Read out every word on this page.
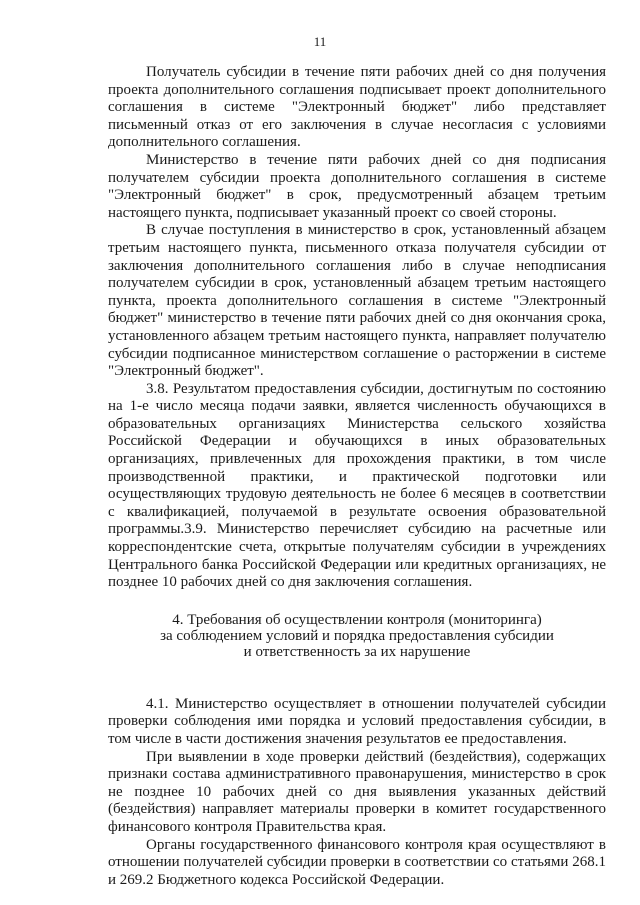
11

Получатель субсидии в течение пяти рабочих дней со дня получения проекта дополнительного соглашения подписывает проект дополнительного соглашения в системе "Электронный бюджет" либо представляет письменный отказ от его заключения в случае несогласия с условиями дополнительного соглашения.

Министерство в течение пяти рабочих дней со дня подписания получателем субсидии проекта дополнительного соглашения в системе "Электронный бюджет" в срок, предусмотренный абзацем третьим настоящего пункта, подписывает указанный проект со своей стороны.

В случае поступления в министерство в срок, установленный абзацем третьим настоящего пункта, письменного отказа получателя субсидии от заключения дополнительного соглашения либо в случае неподписания получателем субсидии в срок, установленный абзацем третьим настоящего пункта, проекта дополнительного соглашения в системе "Электронный бюджет" министерство в течение пяти рабочих дней со дня окончания срока, установленного абзацем третьим настоящего пункта, направляет получателю субсидии подписанное министерством соглашение о расторжении в системе "Электронный бюджет".

3.8. Результатом предоставления субсидии, достигнутым по состоянию на 1-е число месяца подачи заявки, является численность обучающихся в образовательных организациях Министерства сельского хозяйства Российской Федерации и обучающихся в иных образовательных организациях, привлеченных для прохождения практики, в том числе производственной практики, и практической подготовки или осуществляющих трудовую деятельность не более 6 месяцев в соответствии с квалификацией, получаемой в результате освоения образовательной программы.3.9. Министерство перечисляет субсидию на расчетные или корреспондентские счета, открытые получателям субсидии в учреждениях Центрального банка Российской Федерации или кредитных организациях, не позднее 10 рабочих дней со дня заключения соглашения.

4. Требования об осуществлении контроля (мониторинга)
за соблюдением условий и порядка предоставления субсидии
и ответственность за их нарушение

4.1. Министерство осуществляет в отношении получателей субсидии проверки соблюдения ими порядка и условий предоставления субсидии, в том числе в части достижения значения результатов ее предоставления.

При выявлении в ходе проверки действий (бездействия), содержащих признаки состава административного правонарушения, министерство в срок не позднее 10 рабочих дней со дня выявления указанных действий (бездействия) направляет материалы проверки в комитет государственного финансового контроля Правительства края.

Органы государственного финансового контроля края осуществляют в отношении получателей субсидии проверки в соответствии со статьями 268.1 и 269.2 Бюджетного кодекса Российской Федерации.
